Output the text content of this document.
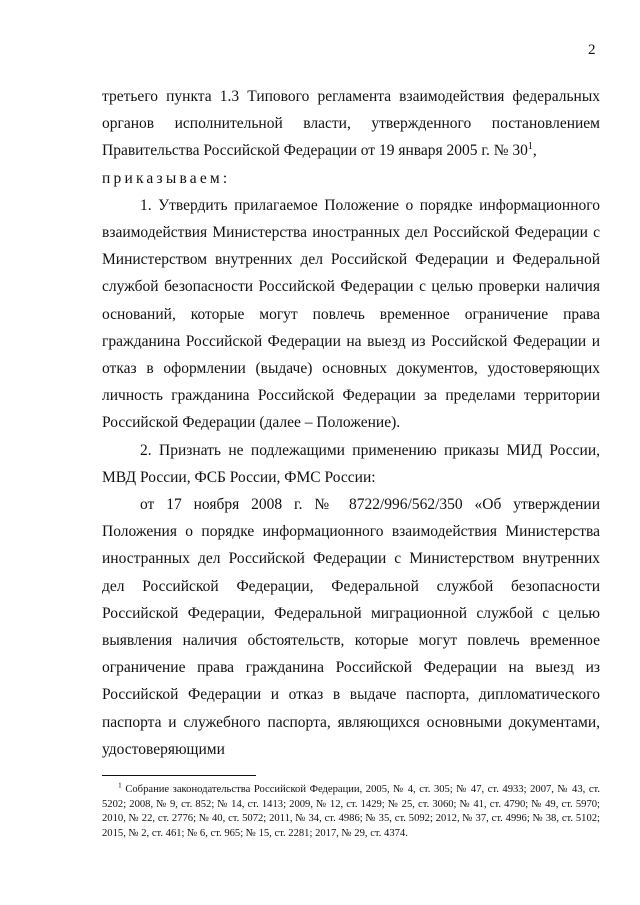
2

третьего пункта 1.3 Типового регламента взаимодействия федеральных органов исполнительной власти, утвержденного постановлением Правительства Российской Федерации от 19 января 2005 г. № 30$^1$,

приказываем:

1. Утвердить прилагаемое Положение о порядке информационного взаимодействия Министерства иностранных дел Российской Федерации с Министерством внутренних дел Российской Федерации и Федеральной службой безопасности Российской Федерации с целью проверки наличия оснований, которые могут повлечь временное ограничение права гражданина Российской Федерации на выезд из Российской Федерации и отказ в оформлении (выдаче) основных документов, удостоверяющих личность гражданина Российской Федерации за пределами территории Российской Федерации (далее – Положение).

2. Признать не подлежащими применению приказы МИД России, МВД России, ФСБ России, ФМС России:

от 17 ноября 2008 г. № 8722/996/562/350 «Об утверждении Положения о порядке информационного взаимодействия Министерства иностранных дел Российской Федерации с Министерством внутренних дел Российской Федерации, Федеральной службой безопасности Российской Федерации, Федеральной миграционной службой с целью выявления наличия обстоятельств, которые могут повлечь временное ограничение права гражданина Российской Федерации на выезд из Российской Федерации и отказ в выдаче паспорта, дипломатического паспорта и служебного паспорта, являющихся основными документами, удостоверяющими

$^1$ Собрание законодательства Российской Федерации, 2005, № 4, ст. 305; № 47, ст. 4933; 2007, № 43, ст. 5202; 2008, № 9, ст. 852; № 14, ст. 1413; 2009, № 12, ст. 1429; № 25, ст. 3060; № 41, ст. 4790; № 49, ст. 5970; 2010, № 22, ст. 2776; № 40, ст. 5072; 2011, № 34, ст. 4986; № 35, ст. 5092; 2012, № 37, ст. 4996; № 38, ст. 5102; 2015, № 2, ст. 461; № 6, ст. 965; № 15, ст. 2281; 2017, № 29, ст. 4374.
